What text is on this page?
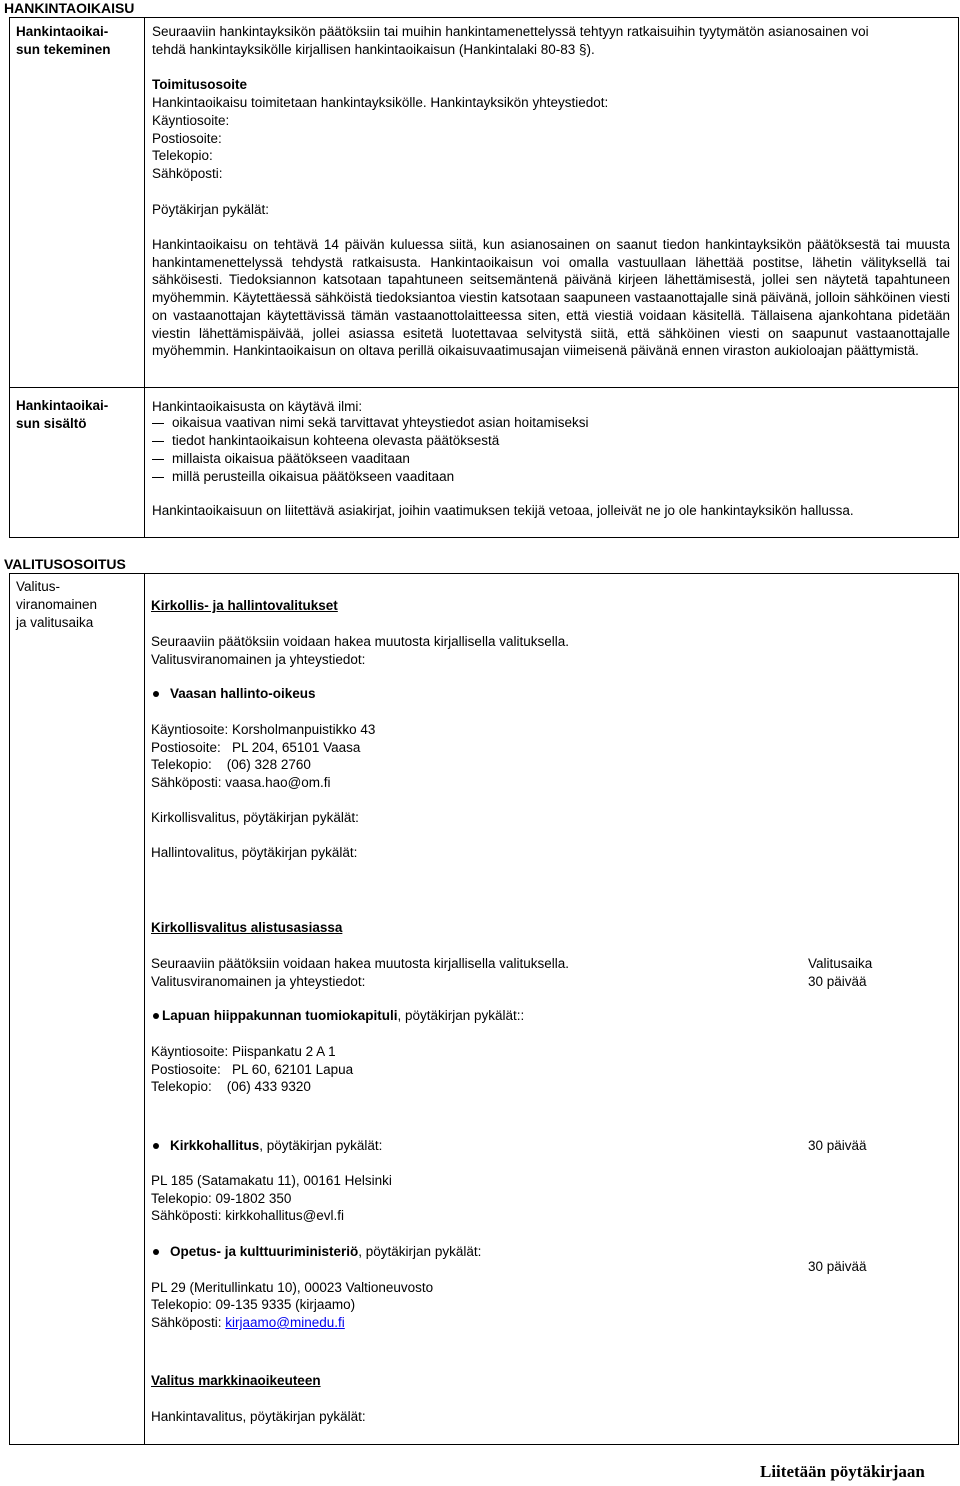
HANKINTAOIKAISU
Hankintaoikai-
sun tekeminen
Seuraaviin hankintayksikön päätöksiin tai muihin hankintamenettelyssä tehtyyn ratkaisuihin tyytymätön asianosainen voi
tehdä hankintayksikölle kirjallisen hankintaoikaisun (Hankintalaki 80-83 §).
Toimitusosoite
Hankintaoikaisu toimitetaan hankintayksikölle. Hankintayksikön yhteystiedot:
Käyntiosoite:
Postiosoite:
Telekopio:
Sähköposti:
Pöytäkirjan pykälät:
Hankintaoikaisu on tehtävä 14 päivän kuluessa siitä, kun asianosainen on saanut tiedon hankintayksikön päätöksestä tai muusta hankintamenettelyssä tehdystä ratkaisusta. Hankintaoikaisun voi omalla vastuullaan lähettää postitse, lähetin välityksellä tai sähköisesti. Tiedoksiannon katsotaan tapahtuneen seitsemäntenä päivänä kirjeen lähettämisestä, jollei sen näytetä tapahtuneen myöhemmin. Käytettäessä sähköistä tiedoksiantoa viestin katsotaan saapuneen vastaanottajalle sinä päivänä, jolloin sähköinen viesti on vastaanottajan käytettävissä tämän vastaanottolaitteessa siten, että viestiä voidaan käsitellä. Tällaisena ajankohtana pidetään viestin lähettämispäivää, jollei asiassa esitetä luotettavaa selvitystä siitä, että sähköinen viesti on saapunut vastaanottajalle myöhemmin. Hankintaoikaisun on oltava perillä oikaisuvaatimusajan viimeisenä päivänä ennen viraston aukioloajan päättymistä.
Hankintaoikai-
sun sisältö
Hankintaoikaisusta on käytävä ilmi:
oikaisua vaativan nimi sekä tarvittavat yhteystiedot asian hoitamiseksi
tiedot hankintaoikaisun kohteena olevasta päätöksestä
millaista oikaisua päätökseen vaaditaan
millä perusteilla oikaisua päätökseen vaaditaan
Hankintaoikaisuun on liitettävä asiakirjat, joihin vaatimuksen tekijä vetoaa, jolleivät ne jo ole hankintayksikön hallussa.
VALITUSOSOITUS
Valitus-
viranomainen
ja valitusaika
Kirkollis- ja hallintovalitukset
Seuraaviin päätöksiin voidaan hakea muutosta kirjallisella valituksella.
Valitusviranomainen ja yhteystiedot:
Vaasan hallinto-oikeus
Käyntiosoite: Korsholmanpuistikko 43
Postiosoite:   PL 204, 65101 Vaasa
Telekopio:    (06) 328 2760
Sähköposti: vaasa.hao@om.fi
Kirkollisvalitus, pöytäkirjan pykälät:
Hallintovalitus, pöytäkirjan pykälät:
Kirkollisvalitus alistusasiassa
Seuraaviin päätöksiin voidaan hakea muutosta kirjallisella valituksella.
Valitusviranomainen ja yhteystiedot:
Valitusaika
30 päivää
Lapuan hiippakunnan tuomiokapituli, pöytäkirjan pykälät::
Käyntiosoite: Piispankatu 2 A 1
Postiosoite:   PL 60, 62101 Lapua
Telekopio:    (06) 433 9320
Kirkkohallitus, pöytäkirjan pykälät:	30 päivää
PL 185 (Satamakatu 11), 00161 Helsinki
Telekopio: 09-1802 350
Sähköposti: kirkkohallitus@evl.fi
Opetus- ja kulttuuriministeriö, pöytäkirjan pykälät:
30 päivää
PL 29 (Meritullinkatu 10), 00023 Valtioneuvosto
Telekopio: 09-135 9335 (kirjaamo)
Sähköposti: kirjaamo@minedu.fi
Valitus markkinaoikeuteen
Hankintavalitus, pöytäkirjan pykälät:
Liitetään pöytäkirjaan
